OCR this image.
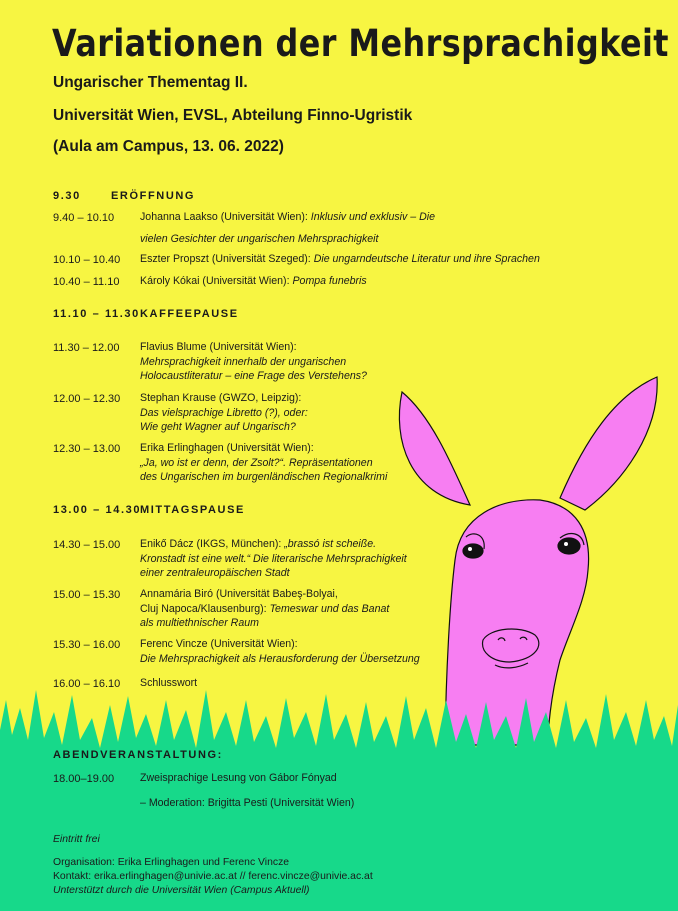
Variationen der Mehrsprachigkeit
Ungarischer Thementag II.
Universität Wien, EVSL, Abteilung Finno-Ugristik
(Aula am Campus, 13. 06. 2022)
9.30	ERÖFFNUNG
9.40 – 10.10 Johanna Laakso (Universität Wien): Inklusiv und exklusiv – Die
vielen Gesichter der ungarischen Mehrsprachigkeit
10.10 – 10.40 Eszter Propszt (Universität Szeged): Die ungarndeutsche Literatur und ihre Sprachen
10.40 – 11.10 Károly Kókai (Universität Wien): Pompa funebris
11.10 – 11.30 KAFFEEPAUSE
11.30 – 12.00 Flavius Blume (Universität Wien):
Mehrsprachigkeit innerhalb der ungarischen
Holocaustliteratur – eine Frage des Verstehens?
12.00 – 12.30 Stephan Krause (GWZO, Leipzig):
Das vielsprachige Libretto (?), oder:
Wie geht Wagner auf Ungarisch?
12.30 – 13.00 Erika Erlinghagen (Universität Wien):
„Ja, wo ist er denn, der Zsolt?“. Repräsentationen
des Ungarischen im burgenländischen Regionalkrimi
13.00 – 14.30
MITTAGSPAUSE
14.30 – 15.00 Enikő Dácz (IKGS, München): „brassó ist scheiße.
Kronstadt ist eine welt.“ Die literarische Mehrsprachigkeit
einer zentraleuropäischen Stadt
15.00 – 15.30 Annamária Biró (Universität Babeş-Bolyai,
Cluj Napoca/Klausenburg): Temeswar und das Banat
als multiethnischer Raum
15.30 – 16.00 Ferenc Vincze (Universität Wien):
Die Mehrsprachigkeit als Herausforderung der Übersetzung
16.00 – 16.10 Schlusswort
ABENDVERANSTALTUNG:
18.00–19.00 Zweisprachige Lesung von Gábor Fónyad
– Moderation: Brigitta Pesti (Universität Wien)
Eintritt frei
Organisation: Erika Erlinghagen und Ferenc Vincze
Kontakt: erika.erlinghagen@univie.ac.at // ferenc.vincze@univie.ac.at
Unterstützt durch die Universität Wien (Campus Aktuell)
